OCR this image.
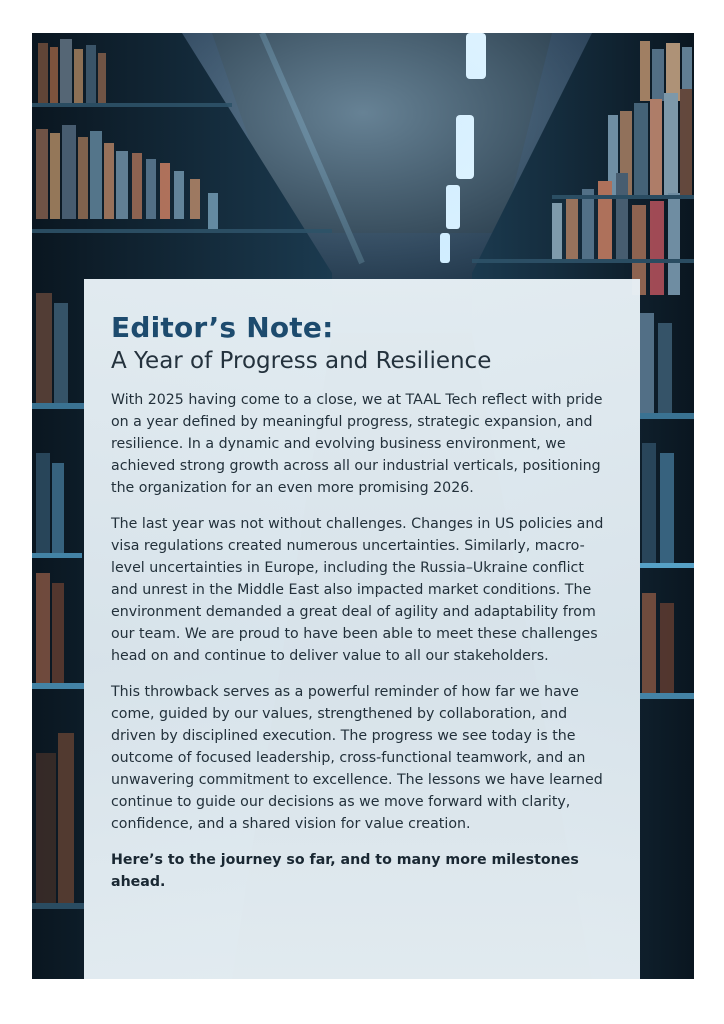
Editor’s Note:
A Year of Progress and Resilience

With 2025 having come to a close, we at TAAL Tech reflect with pride on a year defined by meaningful progress, strategic expansion, and resilience. In a dynamic and evolving business environment, we achieved strong growth across all our industrial verticals, positioning the organization for an even more promising 2026.

The last year was not without challenges. Changes in US policies and visa regulations created numerous uncertainties. Similarly, macro-level uncertainties in Europe, including the Russia–Ukraine conflict and unrest in the Middle East also impacted market conditions. The environment demanded a great deal of agility and adaptability from our team. We are proud to have been able to meet these challenges head on and continue to deliver value to all our stakeholders.

This throwback serves as a powerful reminder of how far we have come, guided by our values, strengthened by collaboration, and driven by disciplined execution. The progress we see today is the outcome of focused leadership, cross-functional teamwork, and an unwavering commitment to excellence. The lessons we have learned continue to guide our decisions as we move forward with clarity, confidence, and a shared vision for value creation.

Here’s to the journey so far, and to many more milestones ahead.
